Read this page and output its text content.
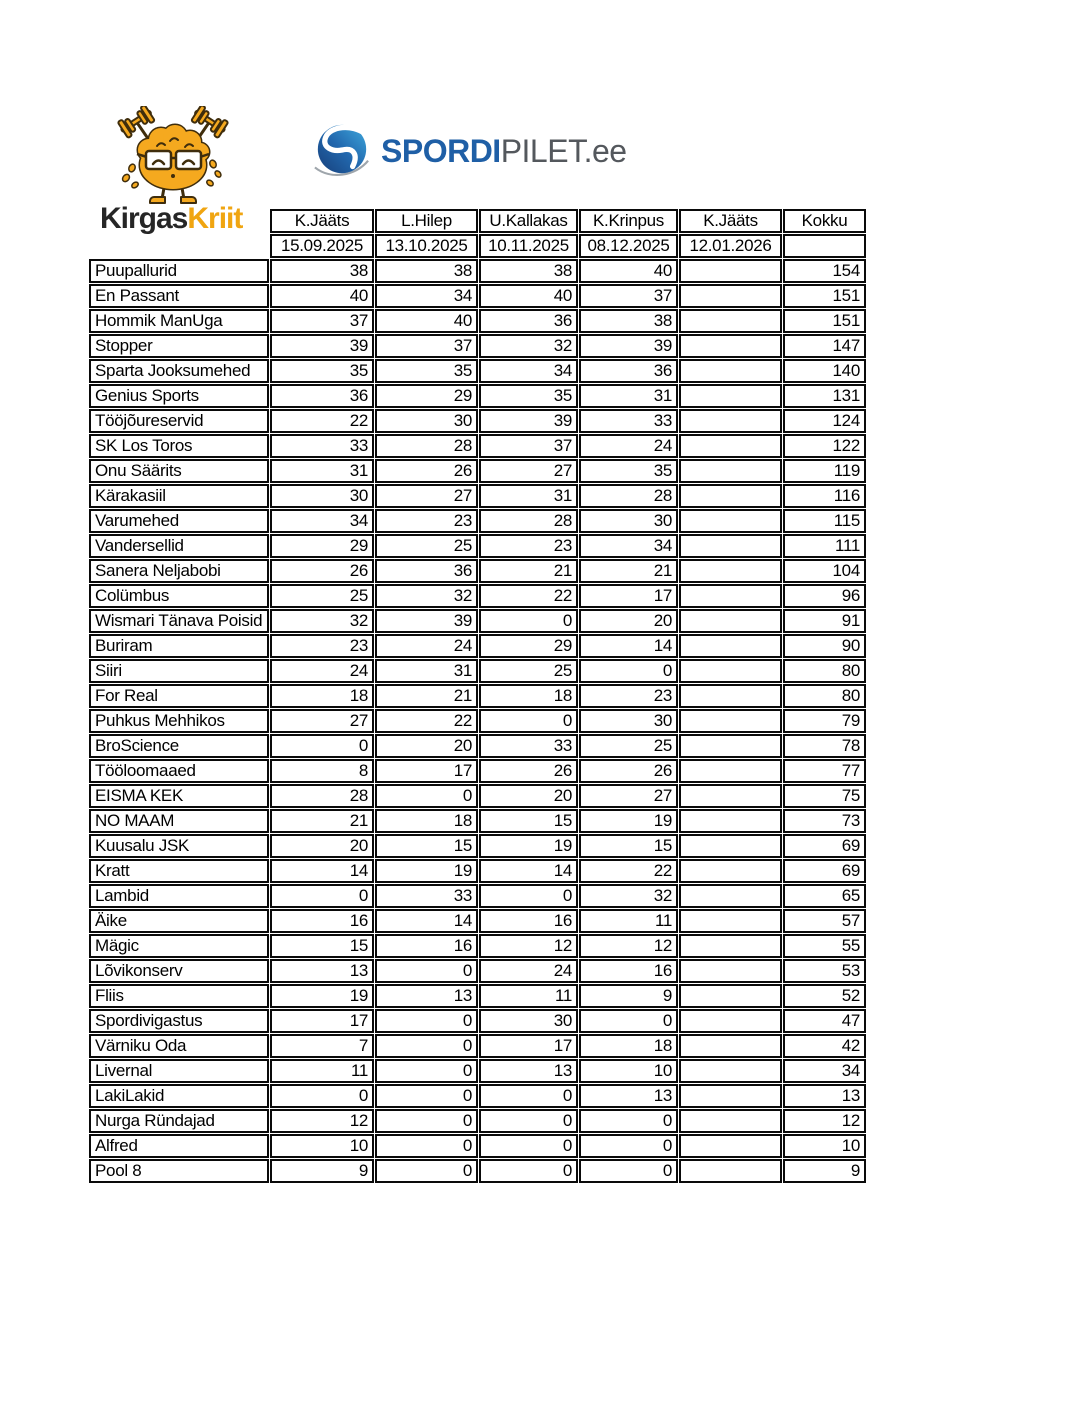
KirgasKriit
SPORDIPILET.ee
	K.Jääts	L.Hilep	U.Kallakas	K.Krinpus	K.Jääts	Kokku
	15.09.2025	13.10.2025	10.11.2025	08.12.2025	12.01.2026	
Puupallurid	38	38	38	40		154
En Passant	40	34	40	37		151
Hommik ManUga	37	40	36	38		151
Stopper	39	37	32	39		147
Sparta Jooksumehed	35	35	34	36		140
Genius Sports	36	29	35	31		131
Tööjõureservid	22	30	39	33		124
SK Los Toros	33	28	37	24		122
Onu Säärits	31	26	27	35		119
Kärakasiil	30	27	31	28		116
Varumehed	34	23	28	30		115
Vandersellid	29	25	23	34		111
Sanera Neljabobi	26	36	21	21		104
Colümbus	25	32	22	17		96
Wismari Tänava Poisid	32	39	0	20		91
Buriram	23	24	29	14		90
Siiri	24	31	25	0		80
For Real	18	21	18	23		80
Puhkus Mehhikos	27	22	0	30		79
BroScience	0	20	33	25		78
Tööloomaaed	8	17	26	26		77
EISMA KEK	28	0	20	27		75
NO MAAM	21	18	15	19		73
Kuusalu JSK	20	15	19	15		69
Kratt	14	19	14	22		69
Lambid	0	33	0	32		65
Äike	16	14	16	11		57
Mägic	15	16	12	12		55
Lõvikonserv	13	0	24	16		53
Fliis	19	13	11	9		52
Spordivigastus	17	0	30	0		47
Värniku Oda	7	0	17	18		42
Livernal	11	0	13	10		34
LakiLakid	0	0	0	13		13
Nurga Ründajad	12	0	0	0		12
Alfred	10	0	0	0		10
Pool 8	9	0	0	0		9
